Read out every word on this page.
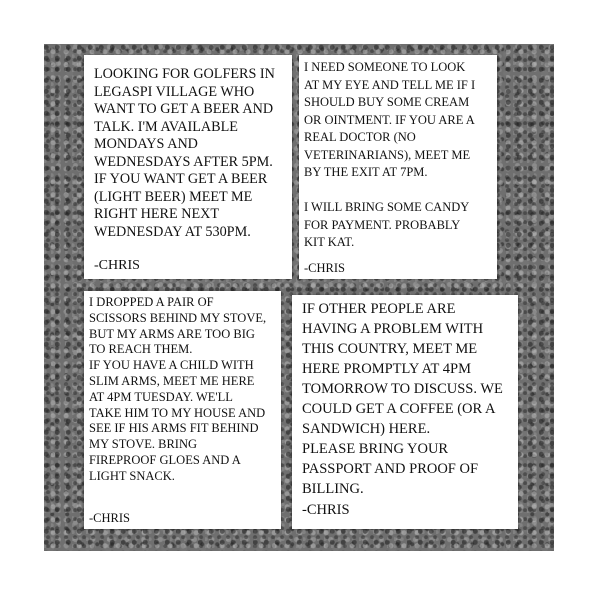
LOOKING FOR GOLFERS IN
LEGASPI VILLAGE WHO
WANT TO GET A BEER AND
TALK. I'M AVAILABLE
MONDAYS AND
WEDNESDAYS AFTER 5PM.
IF YOU WANT GET A BEER
(LIGHT BEER) MEET ME
RIGHT HERE NEXT
WEDNESDAY AT 530PM.

-CHRIS

I NEED SOMEONE TO LOOK
AT MY EYE AND TELL ME IF I
SHOULD BUY SOME CREAM
OR OINTMENT. IF YOU ARE A
REAL DOCTOR (NO
VETERINARIANS), MEET ME
BY THE EXIT AT 7PM.

I WILL BRING SOME CANDY
FOR PAYMENT. PROBABLY
KIT KAT.

-CHRIS

I DROPPED A PAIR OF
SCISSORS BEHIND MY STOVE,
BUT MY ARMS ARE TOO BIG
TO REACH THEM.
IF YOU HAVE A CHILD WITH
SLIM ARMS, MEET ME HERE
AT 4PM TUESDAY. WE'LL
TAKE HIM TO MY HOUSE AND
SEE IF HIS ARMS FIT BEHIND
MY STOVE. BRING
FIREPROOF GLOES AND A
LIGHT SNACK.

-CHRIS

IF OTHER PEOPLE ARE
HAVING A PROBLEM WITH
THIS COUNTRY, MEET ME
HERE PROMPTLY AT 4PM
TOMORROW TO DISCUSS. WE
COULD GET A COFFEE (OR A
SANDWICH) HERE.
PLEASE BRING YOUR
PASSPORT AND PROOF OF
BILLING.

-CHRIS
